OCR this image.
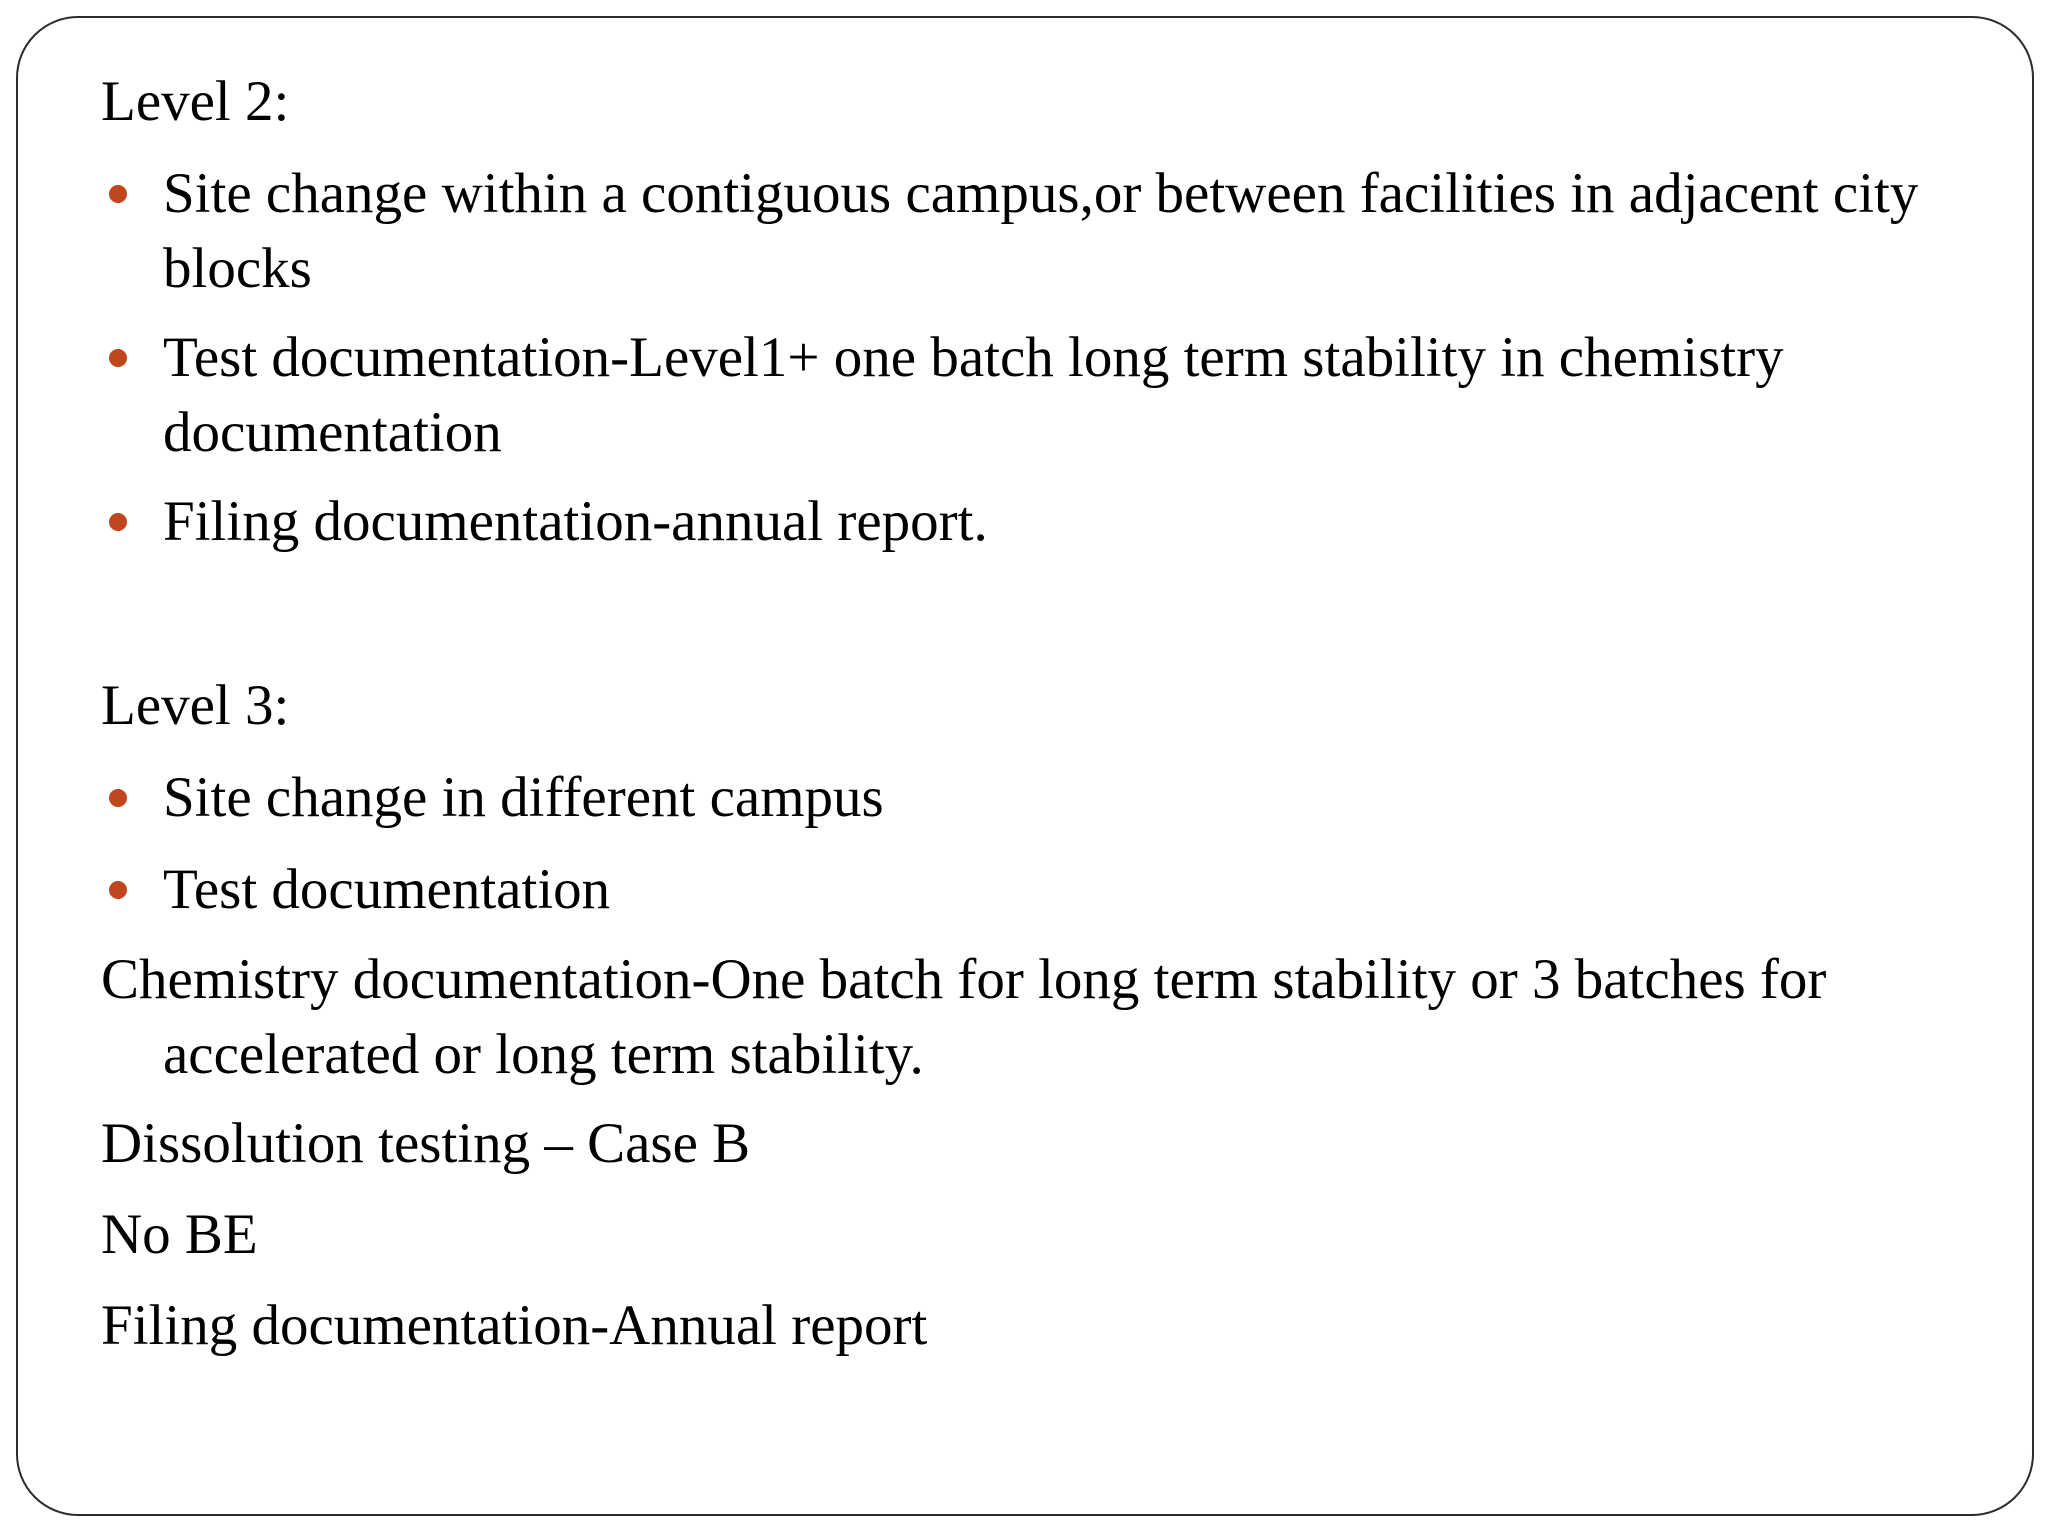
Level 2:
Site change within a contiguous campus,or between facilities in adjacent city blocks
Test documentation-Level1+ one batch long term stability in chemistry documentation
Filing documentation-annual report.
Level 3:
Site change in different campus
Test documentation
Chemistry documentation-One batch for long term stability or 3 batches for accelerated or long term stability.
Dissolution testing – Case B
No BE
Filing documentation-Annual report
